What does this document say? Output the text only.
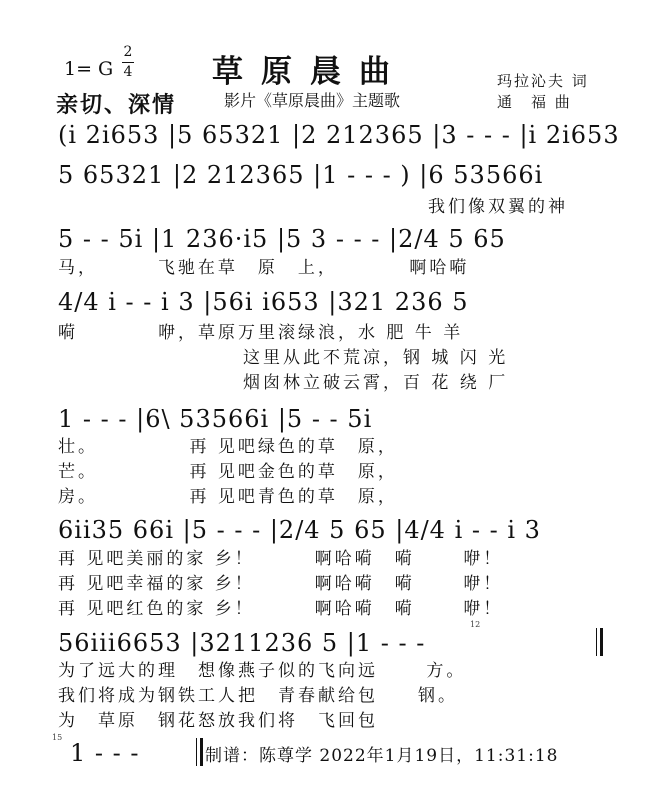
1= G
2
4	草原晨曲
亲切、深情	影片《草原晨曲》主题歌
玛拉沁夫 词
通　福 曲
(i 2i653 |5 65321 |2 212365 |3 - - - |i 2i653
5 65321 |2 212365 |1 - - - ) |6 53566i
我们像双翼的神
5 - - 5i |1 236·i5 |5 3 - - - |2/4 5 65
马，　　　 飞驰在草　原　上，　　　　啊哈嗬
4/4 i - - i 3 |56i i653 |321 236 5
嗬　　　　咿，草原万里滚绿浪，水 肥 牛 羊
这里从此不荒凉，钢 城 闪 光
烟囱林立破云霄，百 花 绕 厂
1 - - - |6\ 53566i |5 - - 5i
壮。　　　　　再 见吧绿色的草　原，
芒。　　　　　再 见吧金色的草　原，
房。　　　　　再 见吧青色的草　原，
6ii35 66i |5 - - - |2/4 5 65 |4/4 i - - i 3
再 见吧美丽的家 乡！　　　啊哈嗬　嗬　　 咿！
再 见吧幸福的家 乡！　　　啊哈嗬　嗬　　 咿！
再 见吧红色的家 乡！　　　啊哈嗬　嗬　　 咿！
12
56iii6653 |3211236 5 |1 - - -
为了远大的理　想像燕子似的飞向远　　 方。
我们将成为钢铁工人把　青春献给包　　钢。
为　草原　钢花怒放我们将　飞回包
15
1 - - -	制谱：陈尊学 2022年1月19日，11:31:18
